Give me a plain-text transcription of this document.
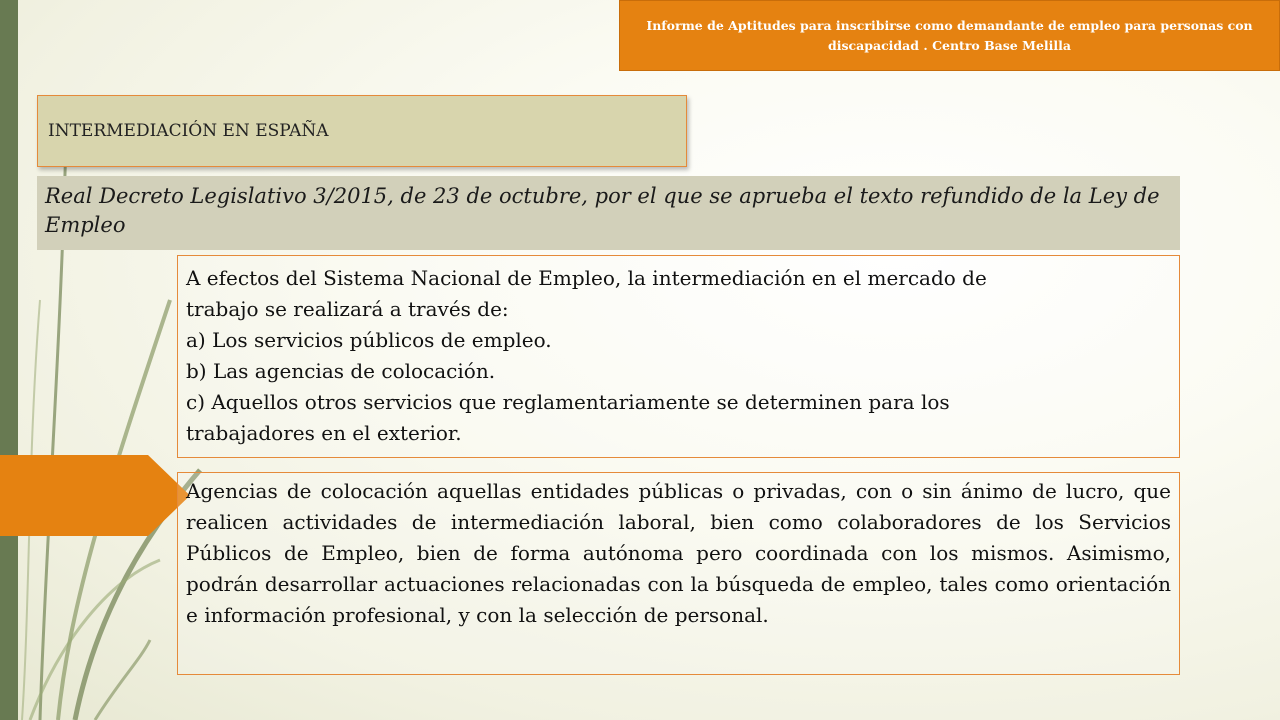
Informe de Aptitudes para inscribirse como demandante de empleo para personas con
discapacidad . Centro Base Melilla
INTERMEDIACIÓN EN ESPAÑA
Real Decreto Legislativo 3/2015, de 23 de octubre, por el que se aprueba el texto refundido de la Ley de Empleo
A efectos del Sistema Nacional de Empleo, la intermediación en el mercado de
trabajo se realizará a través de:
a) Los servicios públicos de empleo.
b) Las agencias de colocación.
c) Aquellos otros servicios que reglamentariamente se determinen para los
trabajadores en el exterior.
Agencias de colocación aquellas entidades públicas o privadas, con o sin ánimo de lucro, que realicen actividades de intermediación laboral, bien como colaboradores de los Servicios Públicos de Empleo, bien de forma autónoma pero coordinada con los mismos. Asimismo, podrán desarrollar actuaciones relacionadas con la búsqueda de empleo, tales como orientación e información profesional, y con la selección de personal.
